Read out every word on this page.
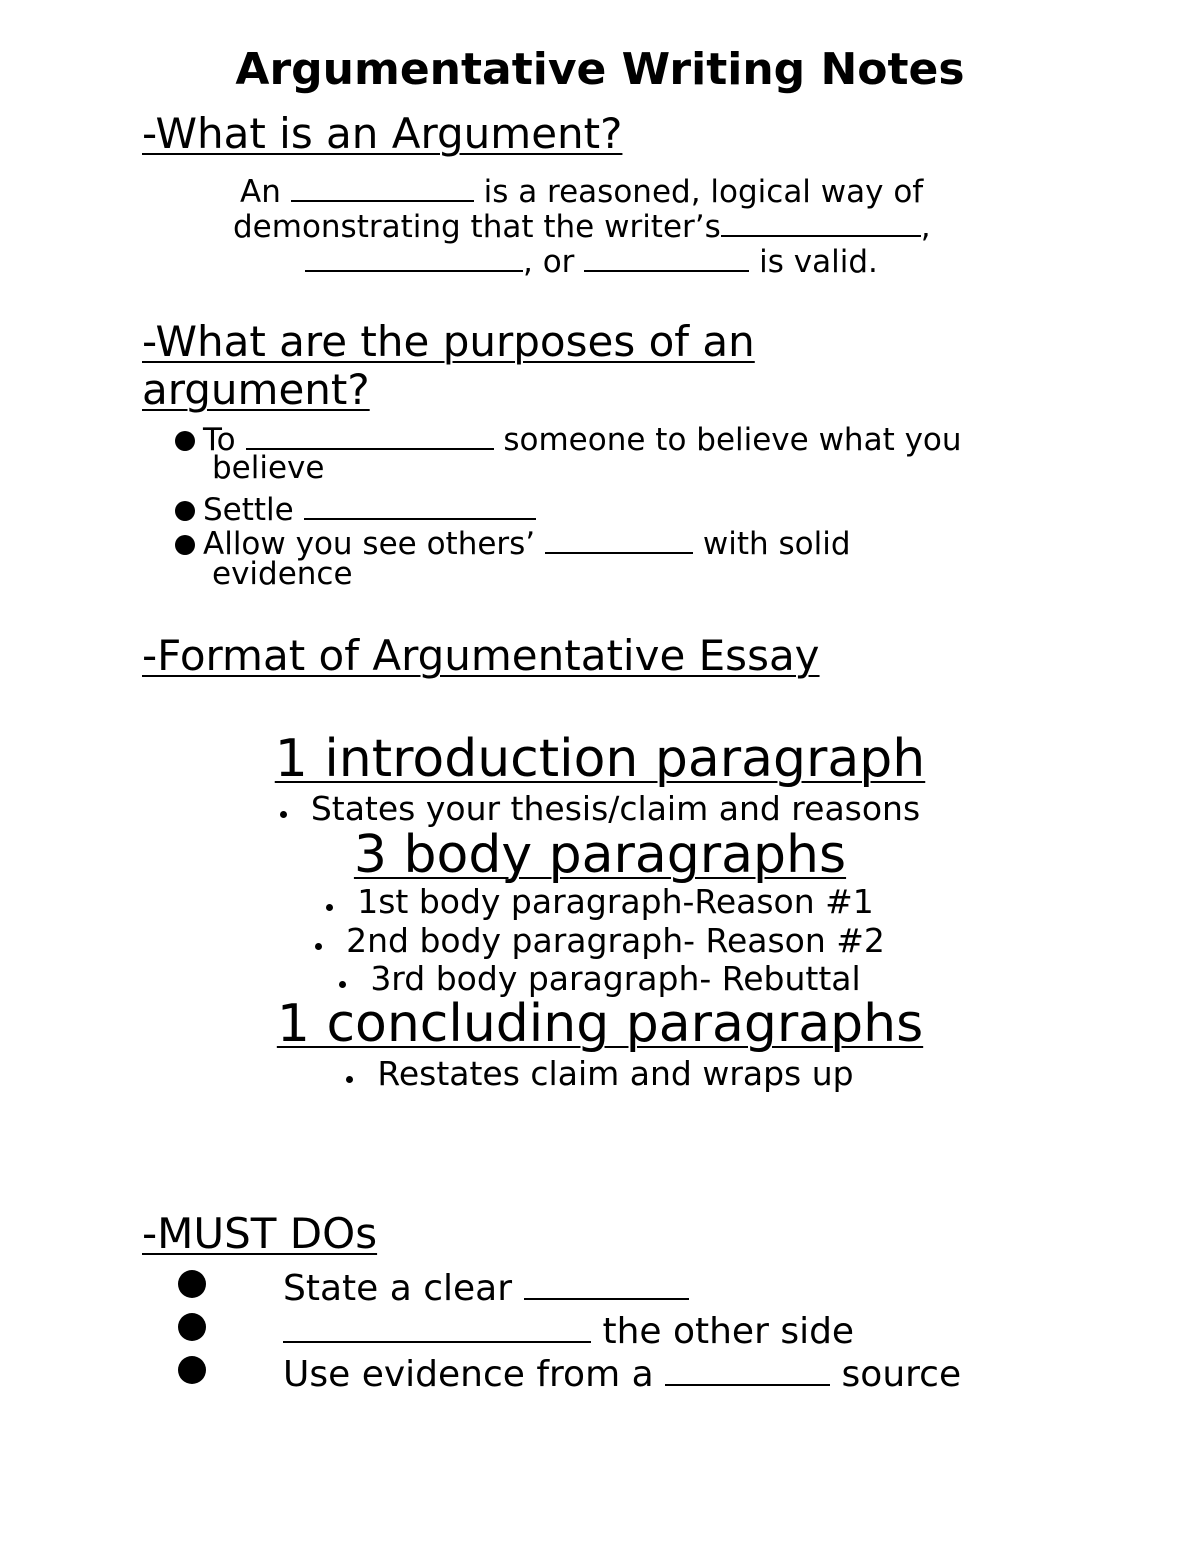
Argumentative Writing Notes
-What is an Argument?
An	is a reasoned, logical way of
demonstrating that the writer’s	,
, or	is valid.
-What are the purposes of an
argument?
To	someone to believe what you
believe
Settle
Allow you see others’	with solid
evidence
-Format of Argumentative Essay
1 introduction paragraph
States your thesis/claim and reasons
3 body paragraphs
1st body paragraph-Reason #1
2nd body paragraph- Reason #2
3rd body paragraph- Rebuttal
1 concluding paragraphs
Restates claim and wraps up
-MUST DOs
State a clear
the other side
Use evidence from a	source
